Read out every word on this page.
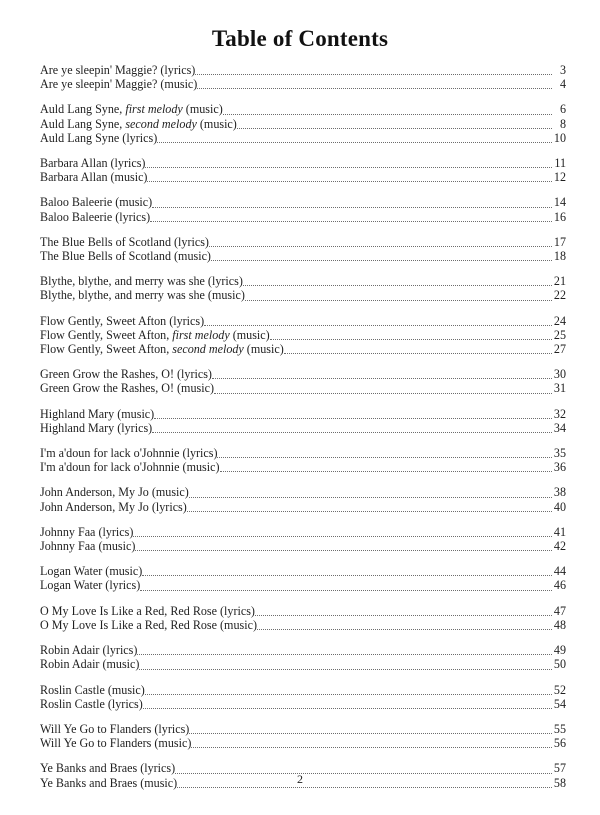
Table of Contents
Are ye sleepin' Maggie? (lyrics)	3
Are ye sleepin' Maggie? (music)	4
Auld Lang Syne, first melody (music)	6
Auld Lang Syne, second melody (music)	8
Auld Lang Syne (lyrics)	10
Barbara Allan (lyrics)	11
Barbara Allan (music)	12
Baloo Baleerie (music)	14
Baloo Baleerie (lyrics)	16
The Blue Bells of Scotland (lyrics)	17
The Blue Bells of Scotland (music)	18
Blythe, blythe, and merry was she (lyrics)	21
Blythe, blythe, and merry was she (music)	22
Flow Gently, Sweet Afton (lyrics)	24
Flow Gently, Sweet Afton, first melody (music)	25
Flow Gently, Sweet Afton, second melody (music)	27
Green Grow the Rashes, O! (lyrics)	30
Green Grow the Rashes, O! (music)	31
Highland Mary (music)	32
Highland Mary (lyrics)	34
I'm a'doun for lack o'Johnnie (lyrics)	35
I'm a'doun for lack o'Johnnie (music)	36
John Anderson, My Jo (music)	38
John Anderson, My Jo (lyrics)	40
Johnny Faa (lyrics)	41
Johnny Faa (music)	42
Logan Water (music)	44
Logan Water (lyrics)	46
O My Love Is Like a Red, Red Rose (lyrics)	47
O My Love Is Like a Red, Red Rose (music)	48
Robin Adair (lyrics)	49
Robin Adair (music)	50
Roslin Castle (music)	52
Roslin Castle (lyrics)	54
Will Ye Go to Flanders (lyrics)	55
Will Ye Go to Flanders (music)	56
Ye Banks and Braes (lyrics)	57
Ye Banks and Braes (music)	58
2
